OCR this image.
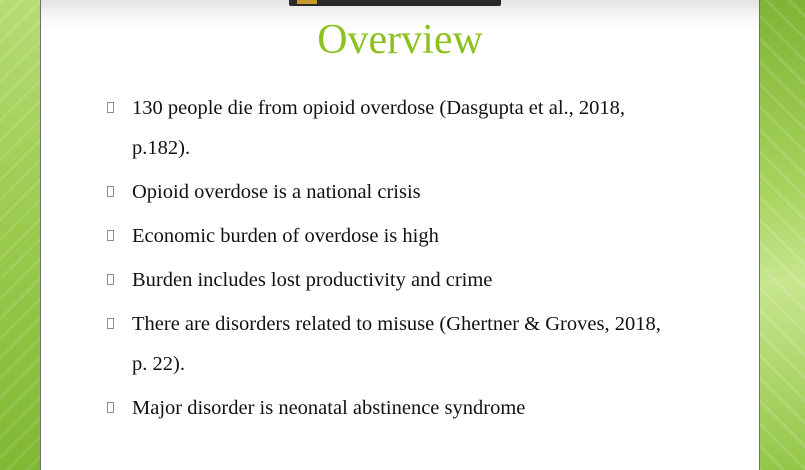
Overview
130 people die from opioid overdose (Dasgupta et al., 2018, p.182).
Opioid overdose is a national crisis
Economic burden of overdose is high
Burden includes lost productivity and crime
There are disorders related to misuse (Ghertner & Groves, 2018, p. 22).
Major disorder is neonatal abstinence syndrome
